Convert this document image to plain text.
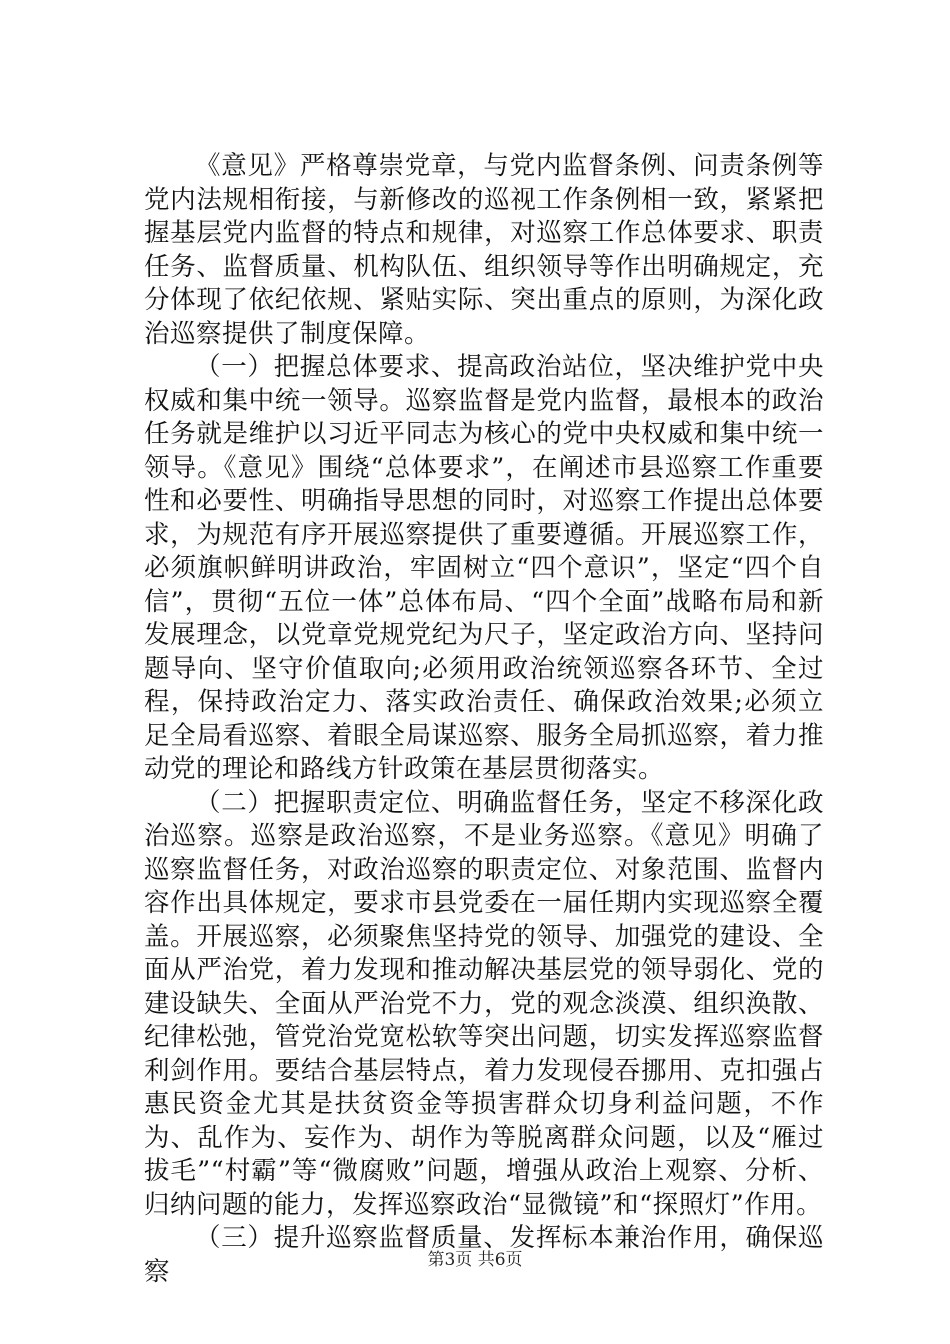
《意见》严格尊崇党章，与党内监督条例、问责条例等党内法规相衔接，与新修改的巡视工作条例相一致，紧紧把握基层党内监督的特点和规律，对巡察工作总体要求、职责任务、监督质量、机构队伍、组织领导等作出明确规定，充分体现了依纪依规、紧贴实际、突出重点的原则，为深化政治巡察提供了制度保障。

（一）把握总体要求、提高政治站位，坚决维护党中央权威和集中统一领导。巡察监督是党内监督，最根本的政治任务就是维护以习近平同志为核心的党中央权威和集中统一领导。《意见》围绕“总体要求”，在阐述市县巡察工作重要性和必要性、明确指导思想的同时，对巡察工作提出总体要求，为规范有序开展巡察提供了重要遵循。开展巡察工作，必须旗帜鲜明讲政治，牢固树立“四个意识”，坚定“四个自信”，贯彻“五位一体”总体布局、“四个全面”战略布局和新发展理念，以党章党规党纪为尺子，坚定政治方向、坚持问题导向、坚守价值取向;必须用政治统领巡察各环节、全过程，保持政治定力、落实政治责任、确保政治效果;必须立足全局看巡察、着眼全局谋巡察、服务全局抓巡察，着力推动党的理论和路线方针政策在基层贯彻落实。

（二）把握职责定位、明确监督任务，坚定不移深化政治巡察。巡察是政治巡察，不是业务巡察。《意见》明确了巡察监督任务，对政治巡察的职责定位、对象范围、监督内容作出具体规定，要求市县党委在一届任期内实现巡察全覆盖。开展巡察，必须聚焦坚持党的领导、加强党的建设、全面从严治党，着力发现和推动解决基层党的领导弱化、党的建设缺失、全面从严治党不力，党的观念淡漠、组织涣散、纪律松弛，管党治党宽松软等突出问题，切实发挥巡察监督利剑作用。要结合基层特点，着力发现侵吞挪用、克扣强占惠民资金尤其是扶贫资金等损害群众切身利益问题，不作为、乱作为、妄作为、胡作为等脱离群众问题，以及“雁过拔毛”“村霸”等“微腐败”问题，增强从政治上观察、分析、归纳问题的能力，发挥巡察政治“显微镜”和“探照灯”作用。

（三）提升巡察监督质量、发挥标本兼治作用，确保巡察	第3页 共6页
